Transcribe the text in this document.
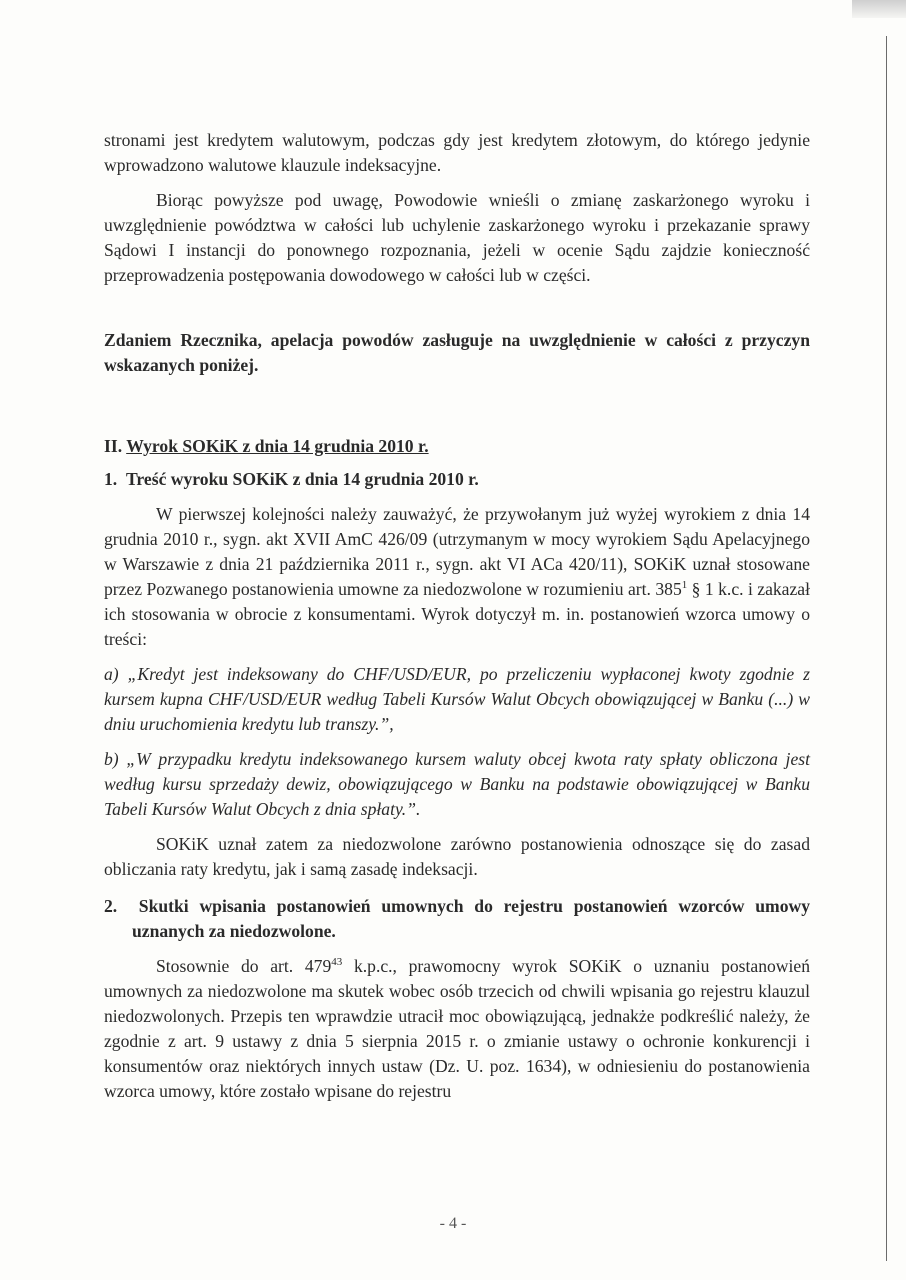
stronami jest kredytem walutowym, podczas gdy jest kredytem złotowym, do którego jedynie wprowadzono walutowe klauzule indeksacyjne.

Biorąc powyższe pod uwagę, Powodowie wnieśli o zmianę zaskarżonego wyroku i uwzględnienie powództwa w całości lub uchylenie zaskarżonego wyroku i przekazanie sprawy Sądowi I instancji do ponownego rozpoznania, jeżeli w ocenie Sądu zajdzie konieczność przeprowadzenia postępowania dowodowego w całości lub w części.

Zdaniem Rzecznika, apelacja powodów zasługuje na uwzględnienie w całości z przyczyn wskazanych poniżej.

II. Wyrok SOKiK z dnia 14 grudnia 2010 r.

1. Treść wyroku SOKiK z dnia 14 grudnia 2010 r.

W pierwszej kolejności należy zauważyć, że przywołanym już wyżej wyrokiem z dnia 14 grudnia 2010 r., sygn. akt XVII AmC 426/09 (utrzymanym w mocy wyrokiem Sądu Apelacyjnego w Warszawie z dnia 21 października 2011 r., sygn. akt VI ACa 420/11), SOKiK uznał stosowane przez Pozwanego postanowienia umowne za niedozwolone w rozumieniu art. $385^1$ § 1 k.c. i zakazał ich stosowania w obrocie z konsumentami. Wyrok dotyczył m. in. postanowień wzorca umowy o treści:

a) „Kredyt jest indeksowany do CHF/USD/EUR, po przeliczeniu wypłaconej kwoty zgodnie z kursem kupna CHF/USD/EUR według Tabeli Kursów Walut Obcych obowiązującej w Banku (...) w dniu uruchomienia kredytu lub transzy.”,

b) „W przypadku kredytu indeksowanego kursem waluty obcej kwota raty spłaty obliczona jest według kursu sprzedaży dewiz, obowiązującego w Banku na podstawie obowiązującej w Banku Tabeli Kursów Walut Obcych z dnia spłaty.”.

SOKiK uznał zatem za niedozwolone zarówno postanowienia odnoszące się do zasad obliczania raty kredytu, jak i samą zasadę indeksacji.

2. Skutki wpisania postanowień umownych do rejestru postanowień wzorców umowy uznanych za niedozwolone.

Stosownie do art. $479^{43}$ k.p.c., prawomocny wyrok SOKiK o uznaniu postanowień umownych za niedozwolone ma skutek wobec osób trzecich od chwili wpisania go rejestru klauzul niedozwolonych. Przepis ten wprawdzie utracił moc obowiązującą, jednakże podkreślić należy, że zgodnie z art. 9 ustawy z dnia 5 sierpnia 2015 r. o zmianie ustawy o ochronie konkurencji i konsumentów oraz niektórych innych ustaw (Dz. U. poz. 1634), w odniesieniu do postanowienia wzorca umowy, które zostało wpisane do rejestru

- 4 -
